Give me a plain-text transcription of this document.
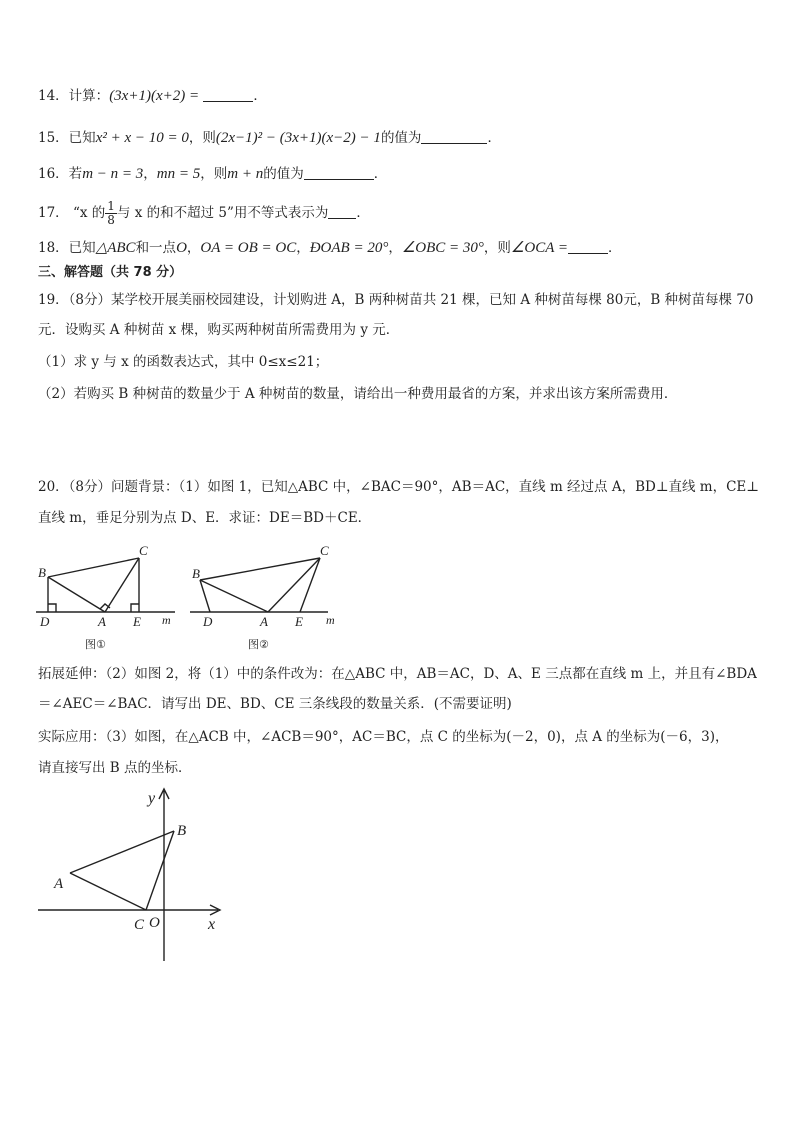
14．计算：(3x+1)(x+2) =	．
15．已知x² + x − 10 = 0，则(2x−1)² − (3x+1)(x−2) − 1的值为	．
16．若m − n = 3，mn = 5，则m + n的值为	．
17． “x 的 $\frac{1}{8}$ 与 x 的和不超过 5”用不等式表示为 ．
18．已知△ABC和一点O，OA = OB = OC，ÐOAB = 20°，∠OBC = 30°，则∠OCA =	．
三、解答题（共 78 分）
19．（8分）某学校开展美丽校园建设，计划购进 A，B 两种树苗共 21 棵，已知 A 种树苗每棵 80元，B 种树苗每棵 70
元．设购买 A 种树苗 x 棵，购买两种树苗所需费用为 y 元．
（1）求 y 与 x 的函数表达式，其中 0≤x≤21；
（2）若购买 B 种树苗的数量少于 A 种树苗的数量，请给出一种费用最省的方案，并求出该方案所需费用．
20．（8分）问题背景：（1）如图 1，已知△ABC 中，∠BAC＝90°，AB＝AC，直线 m 经过点 A，BD⊥直线 m，CE⊥
直线 m，垂足分别为点 D、E．求证：DE＝BD＋CE．
B
C
D	A E m
图①
B
C
D	A E m
图②
拓展延伸：（2）如图 2，将（1）中的条件改为：在△ABC 中，AB＝AC，D、A、E 三点都在直线 m 上，并且有∠BDA
＝∠AEC＝∠BAC．请写出 DE、BD、CE 三条线段的数量关系．(不需要证明)
实际应用：（3）如图，在△ACB 中，∠ACB＝90°，AC＝BC，点 C 的坐标为(－2，0)，点 A 的坐标为(－6，3)，
请直接写出 B 点的坐标．
y
x
A
B
C O
